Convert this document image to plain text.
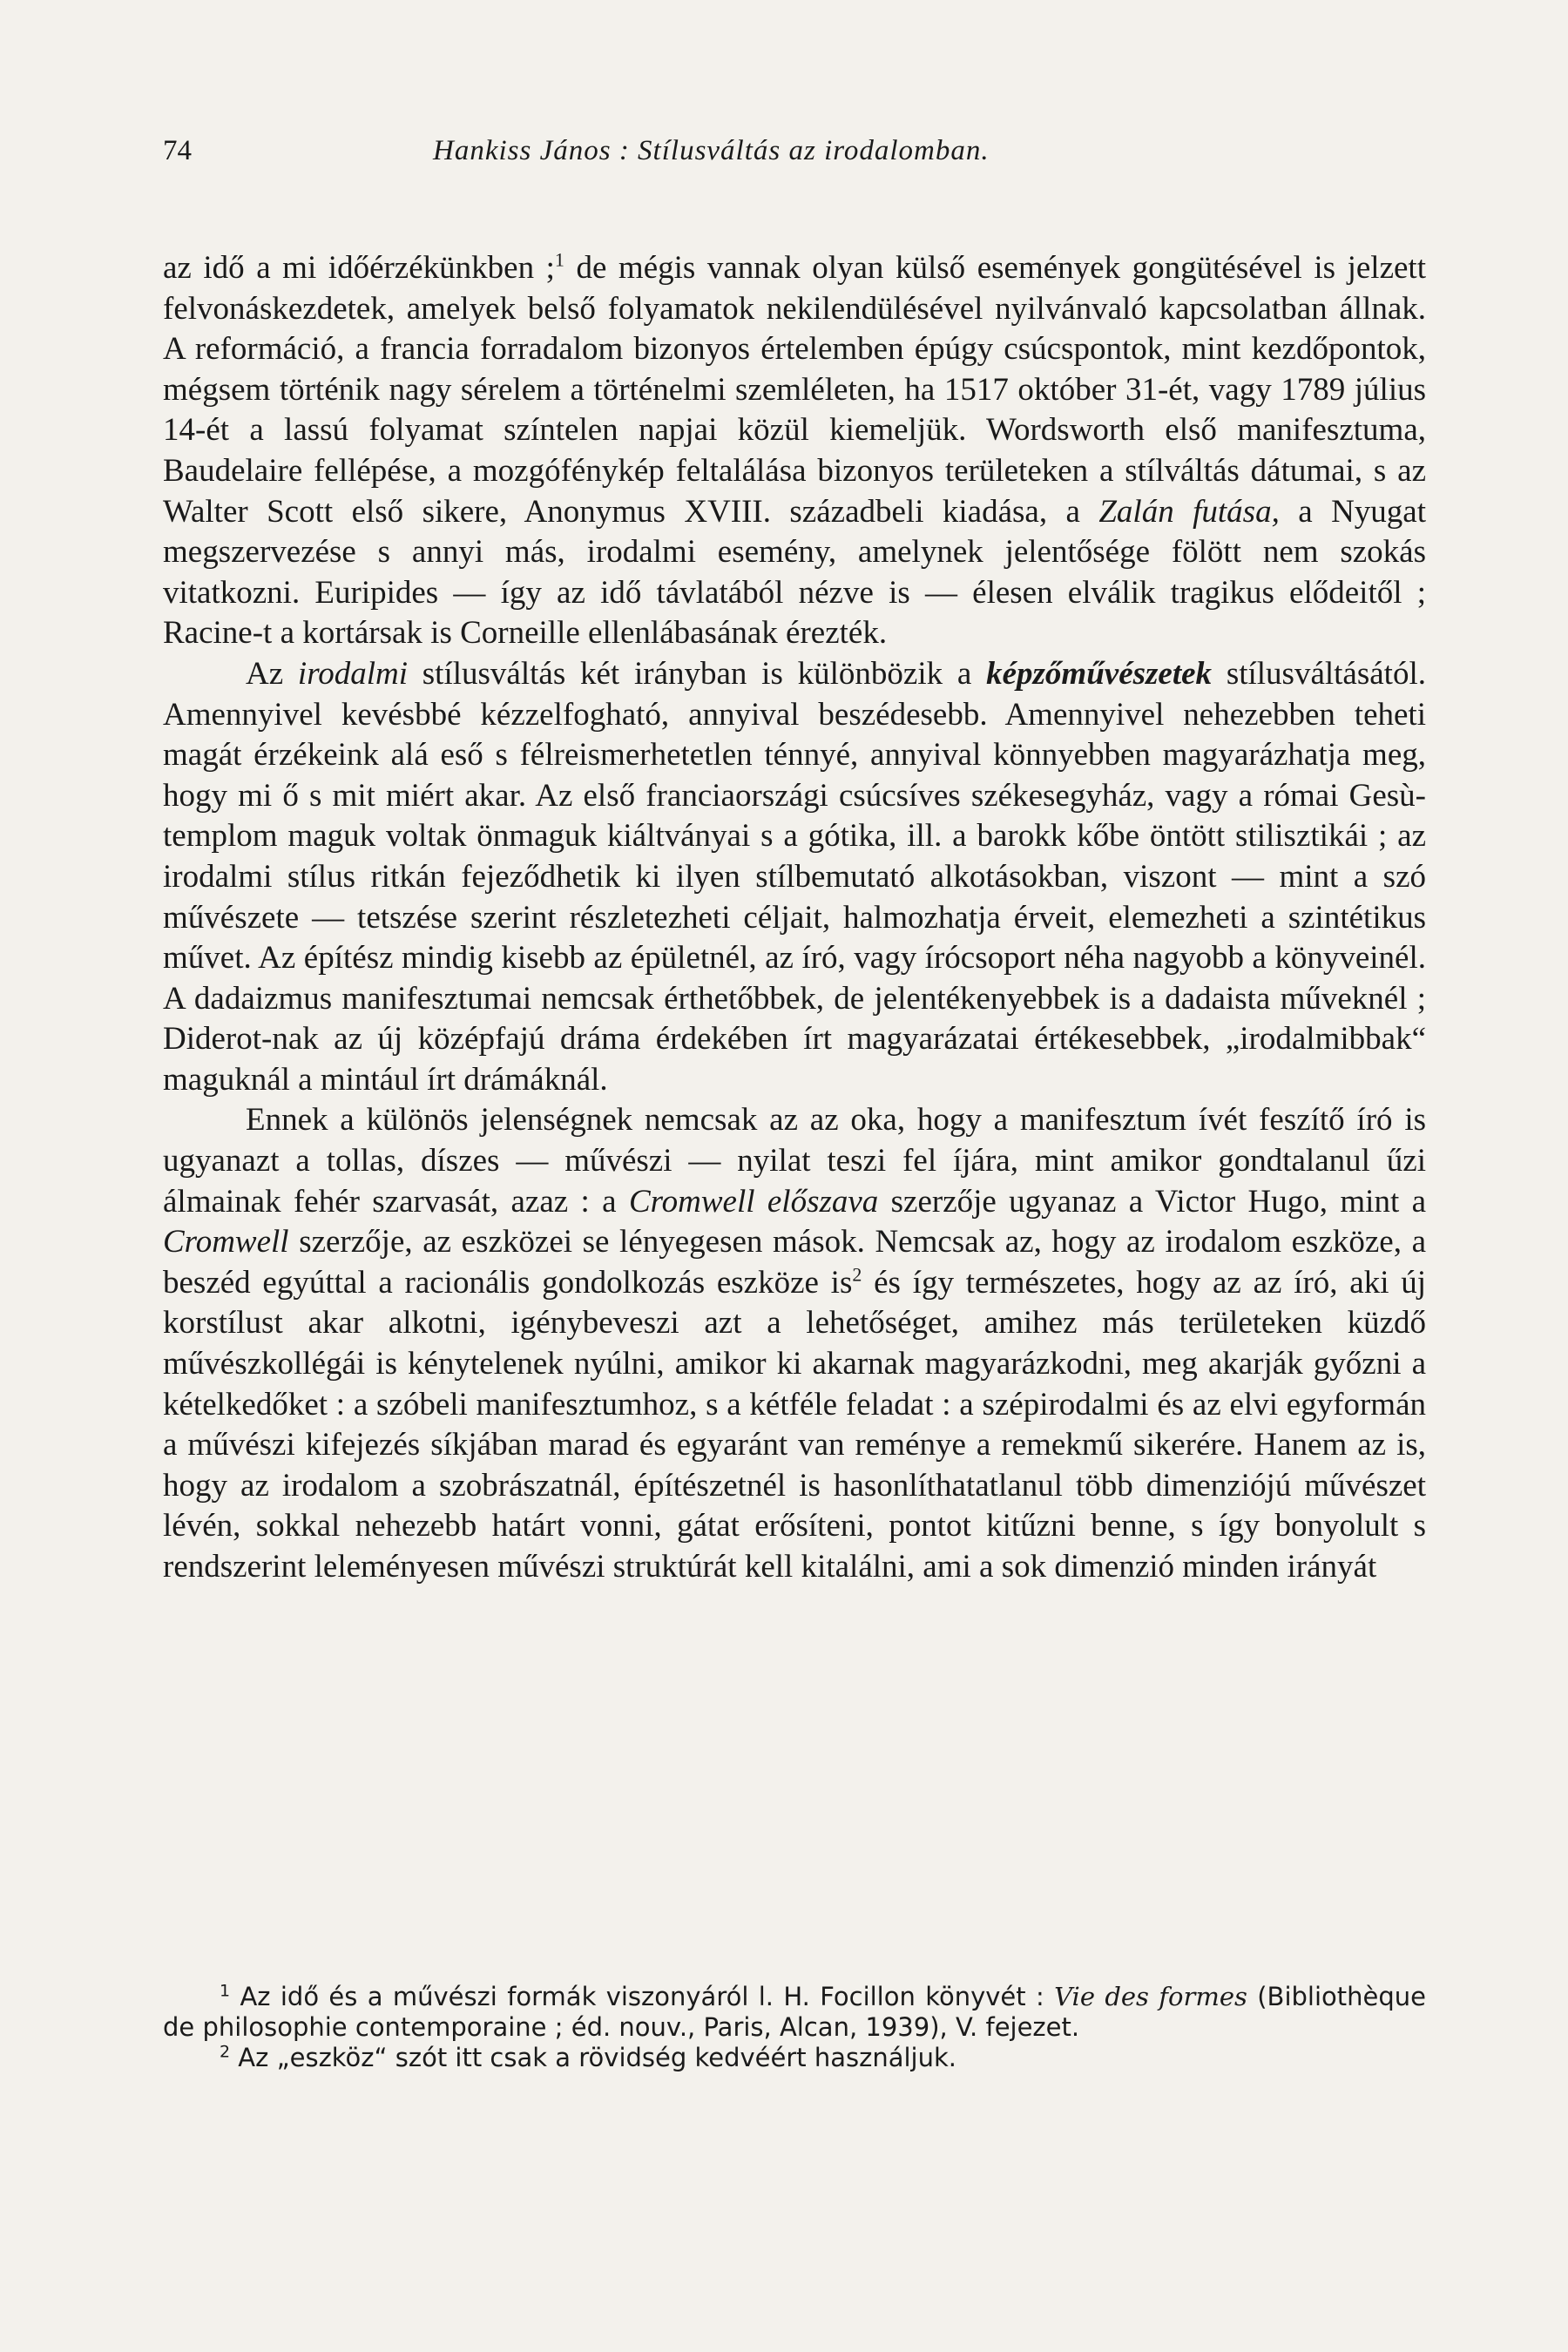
74	Hankiss János : Stílusváltás az irodalomban.

az idő a mi időérzékünkben ;$^1$ de mégis vannak olyan külső események gongütésével is jelzett felvonáskezdetek, amelyek belső folyamatok nekilendülésével nyilvánvaló kapcsolatban állnak. A reformáció, a francia forradalom bizonyos értelemben épúgy csúcspontok, mint kezdőpontok, mégsem történik nagy sérelem a történelmi szemléleten, ha 1517 október 31-ét, vagy 1789 július 14-ét a lassú folyamat színtelen napjai közül kiemeljük. Wordsworth első manifesztuma, Baudelaire fellépése, a mozgófénykép feltalálása bizonyos területeken a stílváltás dátumai, s az Walter Scott első sikere, Anonymus XVIII. századbeli kiadása, a Zalán futása, a Nyugat megszervezése s annyi más, irodalmi esemény, amelynek jelentősége fölött nem szokás vitatkozni. Euripides — így az idő távlatából nézve is — élesen elválik tragikus elődeitől ; Racine-t a kortársak is Corneille ellenlábasának érezték.

Az irodalmi stílusváltás két irányban is különbözik a képzőművészetek stílusváltásától. Amennyivel kevésbbé kézzelfogható, annyival beszédesebb. Amennyivel nehezebben teheti magát érzékeink alá eső s félreismerhetetlen ténnyé, annyival könnyebben magyarázhatja meg, hogy mi ő s mit miért akar. Az első franciaországi csúcsíves székesegyház, vagy a római Gesù-templom maguk voltak önmaguk kiáltványai s a gótika, ill. a barokk kőbe öntött stilisztikái ; az irodalmi stílus ritkán fejeződhetik ki ilyen stílbemutató alkotásokban, viszont — mint a szó művészete — tetszése szerint részletezheti céljait, halmozhatja érveit, elemezheti a szintétikus művet. Az építész mindig kisebb az épületnél, az író, vagy írócsoport néha nagyobb a könyveinél. A dadaizmus manifesztumai nemcsak érthetőbbek, de jelentékenyebbek is a dadaista műveknél ; Diderot-nak az új középfajú dráma érdekében írt magyarázatai értékesebbek, „irodalmibbak“ maguknál a mintául írt drámáknál.

Ennek a különös jelenségnek nemcsak az az oka, hogy a manifesztum ívét feszítő író is ugyanazt a tollas, díszes — művészi — nyilat teszi fel íjára, mint amikor gondtalanul űzi álmainak fehér szarvasát, azaz : a Cromwell előszava szerzője ugyanaz a Victor Hugo, mint a Cromwell szerzője, az eszközei se lényegesen mások. Nemcsak az, hogy az irodalom eszköze, a beszéd egyúttal a racionális gondolkozás eszköze $is^2$ és így természetes, hogy az az író, aki új korstílust akar alkotni, igénybeveszi azt a lehetőséget, amihez más területeken küzdő művészkollégái is kénytelenek nyúlni, amikor ki akarnak magyarázkodni, meg akarják győzni a kételkedőket : a szóbeli manifesztumhoz, s a kétféle feladat : a szépirodalmi és az elvi egyformán a művészi kifejezés síkjában marad és egyaránt van reménye a remekmű sikerére. Hanem az is, hogy az irodalom a szobrászatnál, építészetnél is hasonlíthatatlanul több dimenziójú művészet lévén, sokkal nehezebb határt vonni, gátat erősíteni, pontot kitűzni benne, s így bonyolult s rendszerint leleményesen művészi struktúrát kell kitalálni, ami a sok dimenzió minden irányát

$^1$ Az idő és a művészi formák viszonyáról l. H. Focillon könyvét : Vie des formes (Bibliothèque de philosophie contemporaine ; éd. nouv., Paris, Alcan, 1939), V. fejezet.

$^2$ Az „eszköz“ szót itt csak a rövidség kedvéért használjuk.
